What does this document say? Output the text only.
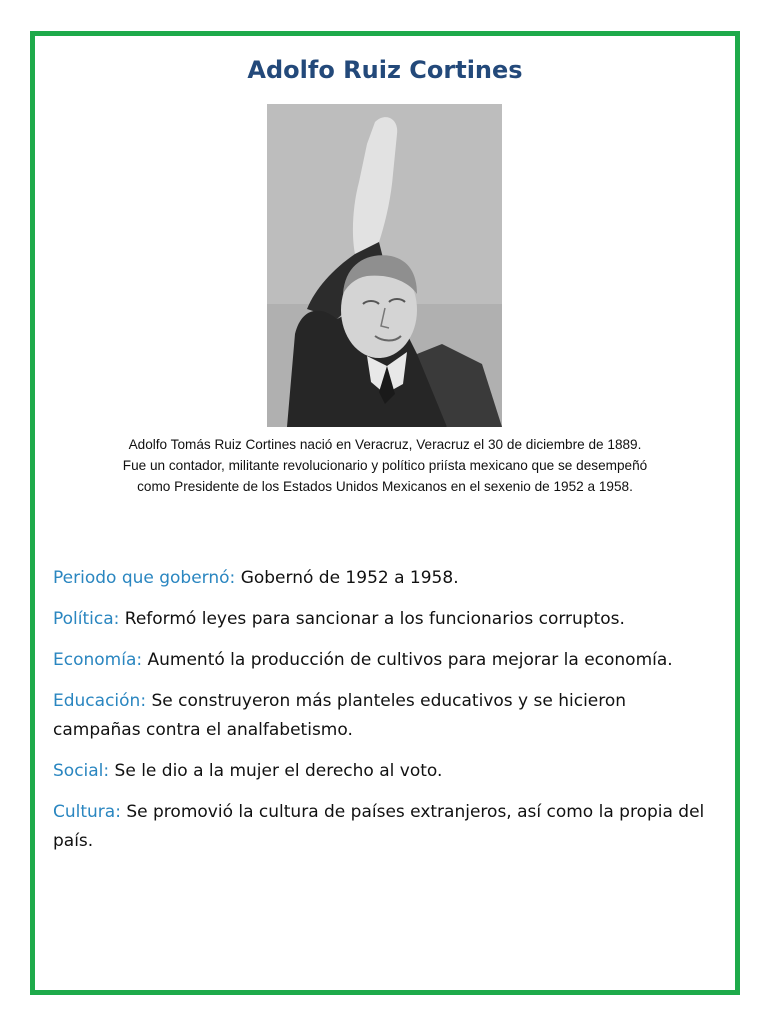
Adolfo Ruiz Cortines
Adolfo Tomás Ruiz Cortines nació en Veracruz, Veracruz el 30 de diciembre de 1889.
Fue un contador, militante revolucionario y político priísta mexicano que se desempeñó
como Presidente de los Estados Unidos Mexicanos en el sexenio de 1952 a 1958.
Periodo que gobernó: Gobernó de 1952 a 1958.
Política: Reformó leyes para sancionar a los funcionarios corruptos.
Economía: Aumentó la producción de cultivos para mejorar la economía.
Educación: Se construyeron más planteles educativos y se hicieron campañas contra el analfabetismo.
Social: Se le dio a la mujer el derecho al voto.
Cultura: Se promovió la cultura de países extranjeros, así como la propia del país.
